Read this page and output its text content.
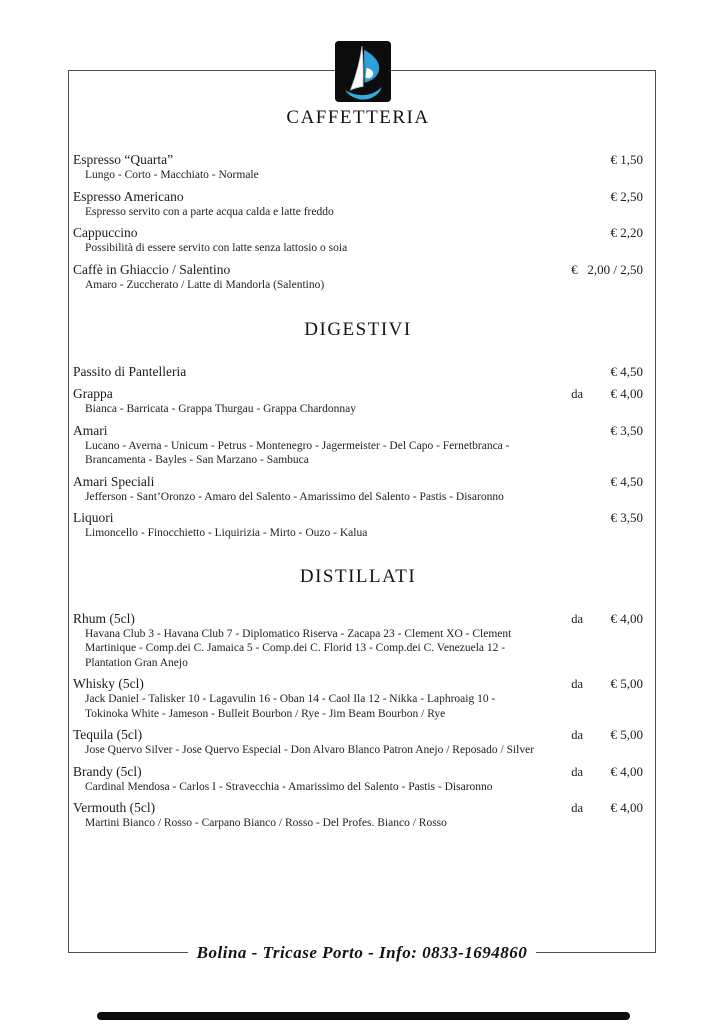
CAFFETTERIA
Espresso “Quarta”	€ 1,50
Lungo - Corto - Macchiato - Normale
Espresso Americano	€ 2,50
Espresso servito con a parte acqua calda e latte freddo
Cappuccino	€ 2,20
Possibilità di essere servito con latte senza lattosio o soia
Caffè in Ghiaccio / Salentino	€  2,00 / 2,50
Amaro - Zuccherato / Latte di Mandorla (Salentino)
DIGESTIVI
Passito di Pantelleria	€ 4,50
Grappa	da	€ 4,00
Bianca - Barricata - Grappa Thurgau - Grappa Chardonnay
Amari	€ 3,50
Lucano - Averna - Unicum - Petrus - Montenegro - Jagermeister - Del Capo - Fernetbranca -
Brancamenta - Bayles - San Marzano - Sambuca
Amari Speciali	€ 4,50
Jefferson - Sant’Oronzo - Amaro del Salento - Amarissimo del Salento - Pastis - Disaronno
Liquori	€ 3,50
Limoncello - Finocchietto - Liquirizia - Mirto - Ouzo - Kalua
DISTILLATI
Rhum (5cl)	da	€ 4,00
Havana Club 3 - Havana Club 7 - Diplomatico Riserva - Zacapa 23 - Clement XO - Clement
Martinique - Comp.dei C. Jamaica 5 - Comp.dei C. Florid 13 - Comp.dei C. Venezuela 12 -
Plantation Gran Anejo
Whisky (5cl)	da	€ 5,00
Jack Daniel - Talisker 10 - Lagavulin 16 - Oban 14 - Caol Ila 12 - Nikka - Laphroaig 10 -
Tokinoka White - Jameson - Bulleit Bourbon / Rye - Jim Beam Bourbon / Rye
Tequila (5cl)	da	€ 5,00
Jose Quervo Silver - Jose Quervo Especial - Don Alvaro Blanco Patron Anejo / Reposado / Silver
Brandy (5cl)	da	€ 4,00
Cardinal Mendosa - Carlos I - Stravecchia - Amarissimo del Salento - Pastis - Disaronno
Vermouth (5cl)	da	€ 4,00
Martini Bianco / Rosso - Carpano Bianco / Rosso - Del Profes. Bianco / Rosso
Bolina - Tricase Porto - Info: 0833-1694860
